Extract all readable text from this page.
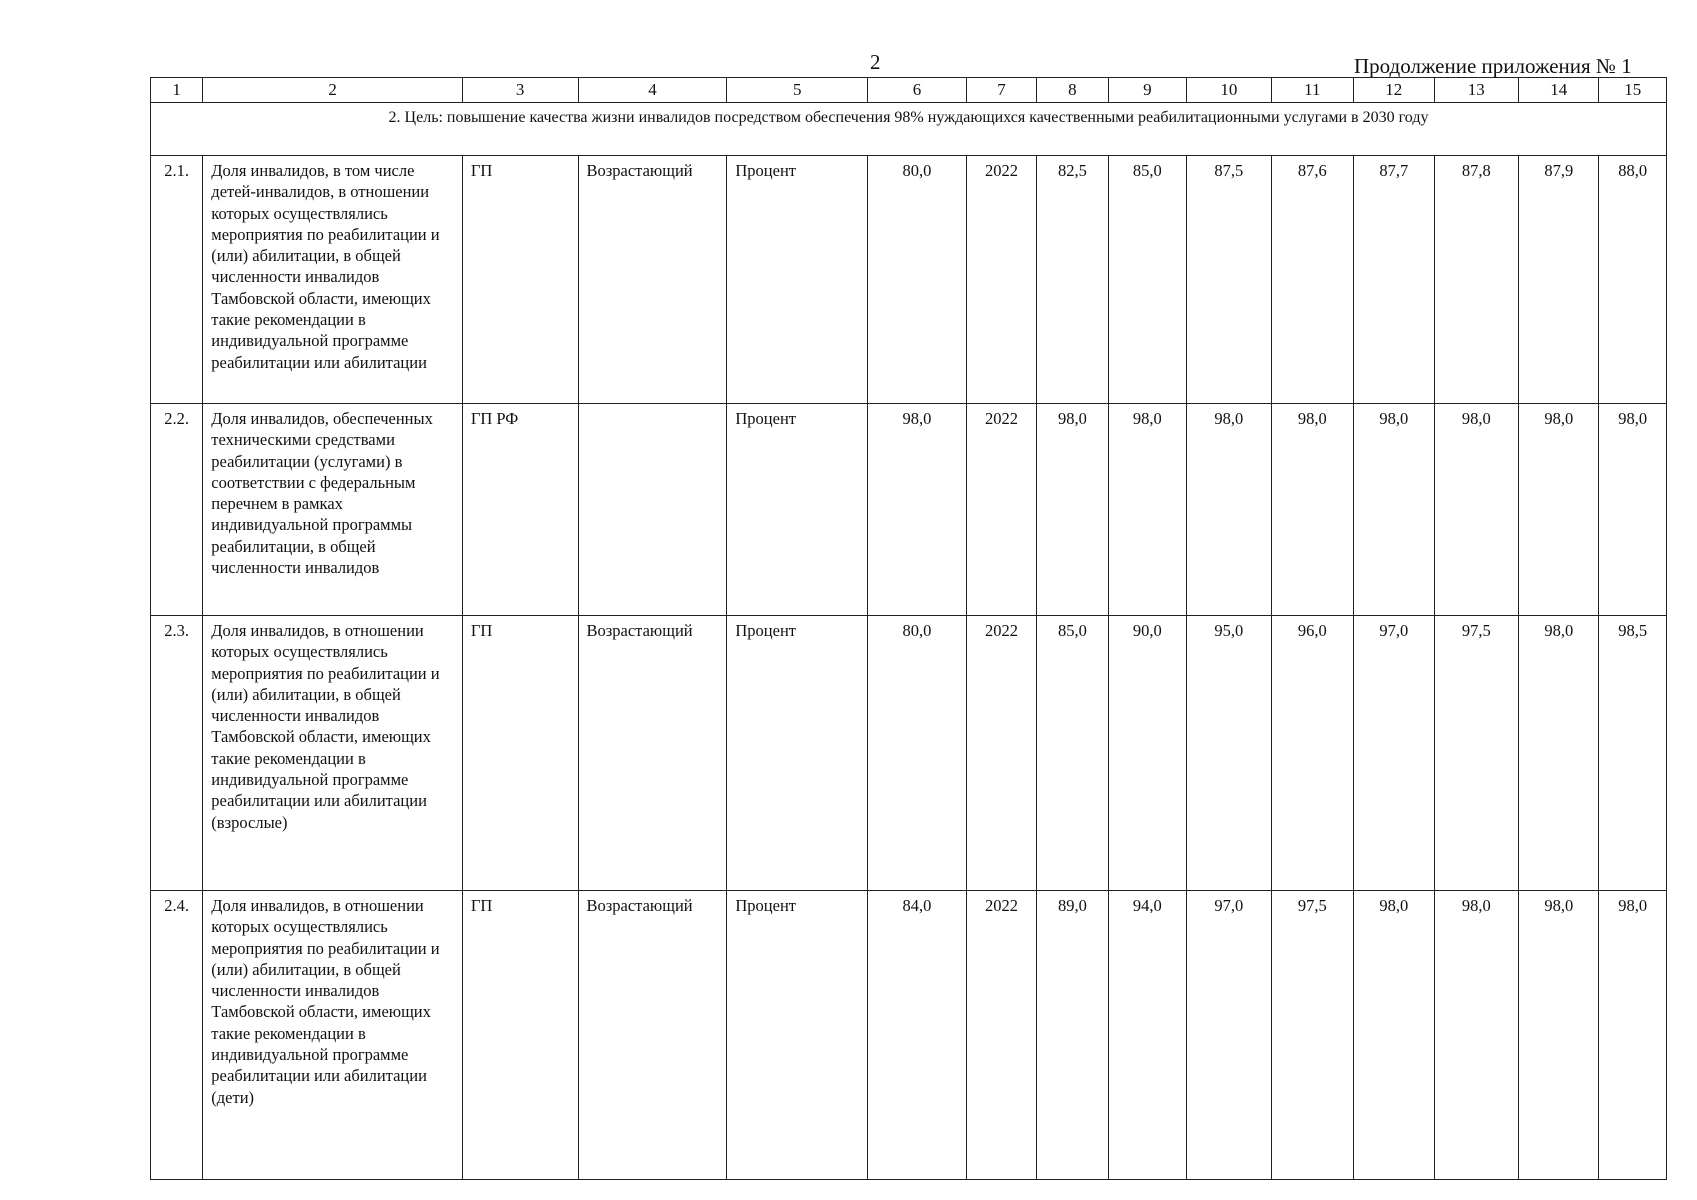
2	Продолжение приложения № 1
1	2	3	4	5	6	7	8	9	10	11	12	13	14	15
2. Цель: повышение качества жизни инвалидов посредством обеспечения 98% нуждающихся качественными реабилитационными услугами в 2030 году														
2.1.	Доля инвалидов, в том числе детей-инвалидов, в отношении которых осуществлялись мероприятия по реабилитации и (или) абилитации, в общей численности инвалидов Тамбовской области, имеющих такие рекомендации в индивидуальной программе реабилитации или абилитации	ГП	Возрастающий	Процент	80,0	2022	82,5	85,0	87,5	87,6	87,7	87,8	87,9	88,0
2.2.	Доля инвалидов, обеспеченных техническими средствами реабилитации (услугами) в соответствии с федеральным перечнем в рамках индивидуальной программы реабилитации, в общей численности инвалидов	ГП РФ		Процент	98,0	2022	98,0	98,0	98,0	98,0	98,0	98,0	98,0	98,0
2.3.	Доля инвалидов, в отношении которых осуществлялись мероприятия по реабилитации и (или) абилитации, в общей численности инвалидов Тамбовской области, имеющих такие рекомендации в индивидуальной программе реабилитации или абилитации (взрослые)	ГП	Возрастающий	Процент	80,0	2022	85,0	90,0	95,0	96,0	97,0	97,5	98,0	98,5
2.4.	Доля инвалидов, в отношении которых осуществлялись мероприятия по реабилитации и (или) абилитации, в общей численности инвалидов Тамбовской области, имеющих такие рекомендации в индивидуальной программе реабилитации или абилитации (дети)	ГП	Возрастающий	Процент	84,0	2022	89,0	94,0	97,0	97,5	98,0	98,0	98,0	98,0
